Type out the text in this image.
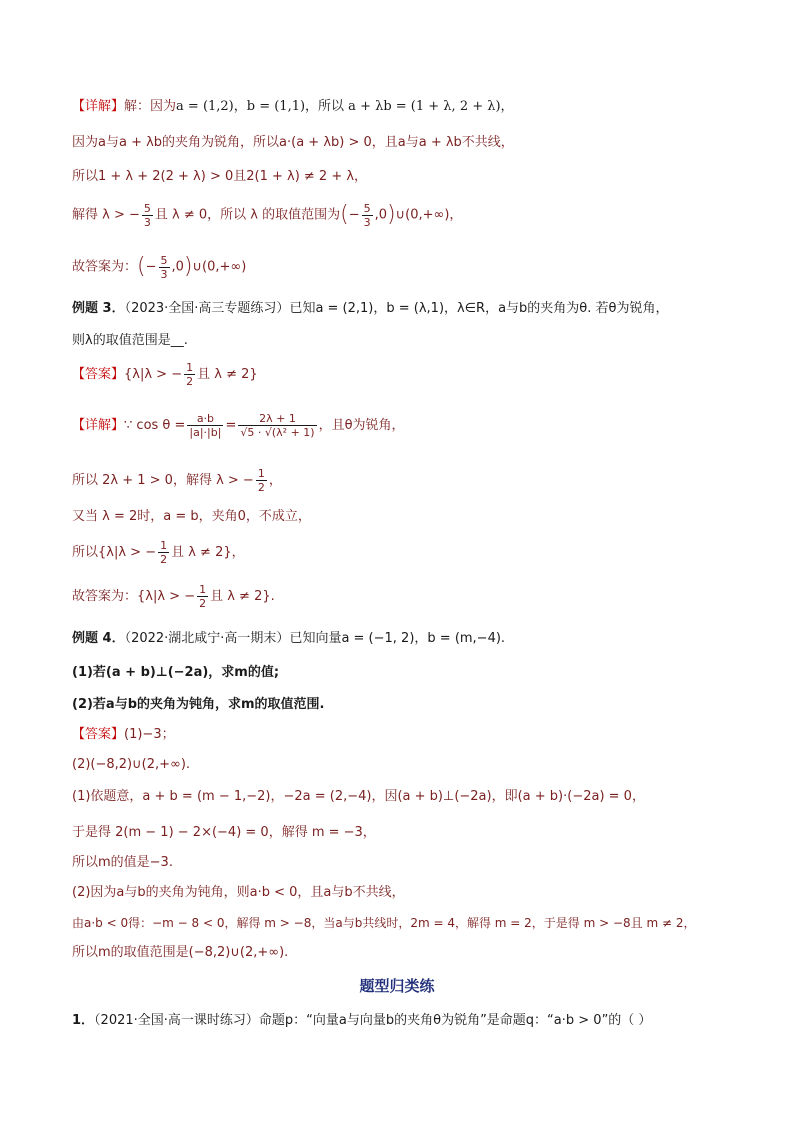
【详解】解：因为a = (1,2)，b = (1,1)，所以 a + λb = (1 + λ, 2 + λ)，
因为a与a + λb的夹角为锐角，所以a·(a + λb) > 0，且a与a + λb不共线，
所以1 + λ + 2(2 + λ) > 0且2(1 + λ) ≠ 2 + λ，
解得 λ > − $\frac{5}{3}$ 且 λ ≠ 0，所以 λ 的取值范围为(− $\frac{5}{3}$ ,0)∪(0,+∞)，
故答案为：(− $\frac{5}{3}$ ,0)∪(0,+∞)
例题 3．（2023·全国·高三专题练习）已知a = (2,1)，b = (λ,1)，λ∈R，a与b的夹角为θ. 若θ为锐角，
则λ的取值范围是__.
【答案】{λ|λ > − $\frac{1}{2}$ 且 λ ≠ 2}
【详解】∵ $\cos \theta = \frac{a\cdot b}{|a|\cdot|b|} = \frac{2\lambda + 1}{\text{√5 · √(λ² + 1)}}$ ，且θ为锐角，
所以 2λ + 1 > 0，解得 λ > − $\frac{1}{2}$ ，
又当 λ = 2时，a = b，夹角0，不成立，
所以{λ|λ > − $\frac{1}{2}$ 且 λ ≠ 2}，
故答案为：{λ|λ > − $\frac{1}{2}$ 且 λ ≠ 2}.
例题 4．（2022·湖北咸宁·高一期末）已知向量a = (−1, 2)，b = (m,−4).
(1)若(a + b)⊥(−2a)，求m的值;
(2)若a与b的夹角为钝角，求m的取值范围.
【答案】(1)−3；
(2)(−8,2)∪(2,+∞).
(1)依题意，a + b = (m − 1,−2)，−2a = (2,−4)，因(a + b)⊥(−2a)，即(a + b)·(−2a) = 0，
于是得 2(m − 1) − 2×(−4) = 0，解得 m = −3，
所以m的值是−3.
(2)因为a与b的夹角为钝角，则a·b < 0，且a与b不共线，
由a·b < 0得：−m − 8 < 0，解得 m > −8，当a与b共线时，2m = 4，解得 m = 2，于是得 m > −8且 m ≠ 2，
所以m的取值范围是(−8,2)∪(2,+∞).
题型归类练
1．（2021·全国·高一课时练习）命题p：“向量a与向量b的夹角θ为锐角”是命题q：“a·b > 0”的（ ）
